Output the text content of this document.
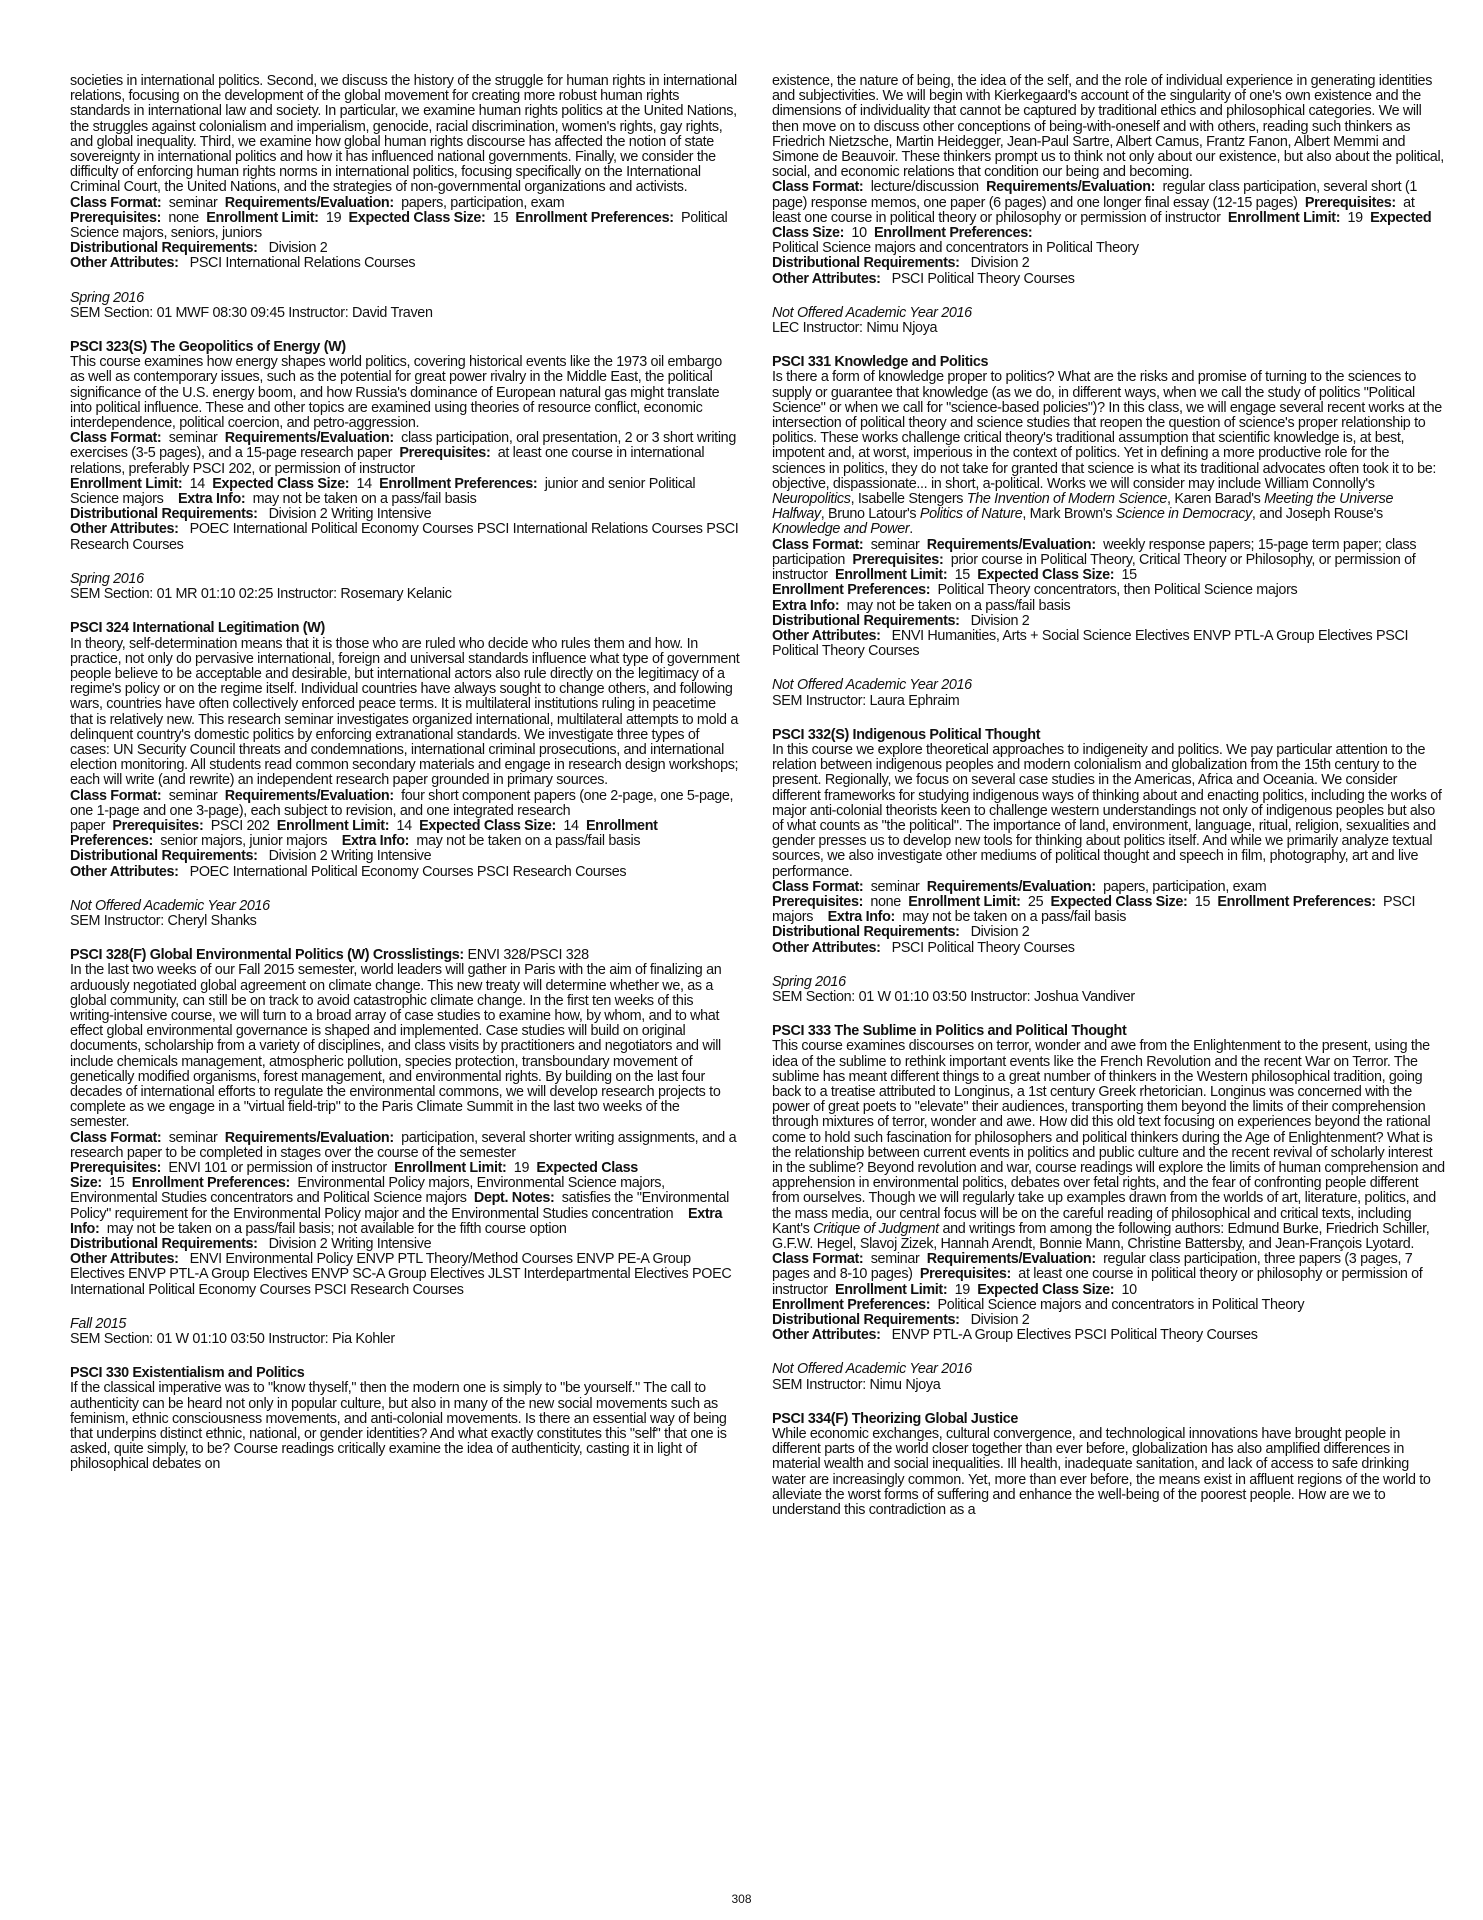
societies in international politics. Second, we discuss the history of the struggle for human rights in international relations, focusing on the development of the global movement for creating more robust human rights standards in international law and society. In particular, we examine human rights politics at the United Nations, the struggles against colonialism and imperialism, genocide, racial discrimination, women's rights, gay rights, and global inequality. Third, we examine how global human rights discourse has affected the notion of state sovereignty in international politics and how it has influenced national governments. Finally, we consider the difficulty of enforcing human rights norms in international politics, focusing specifically on the International Criminal Court, the United Nations, and the strategies of non-governmental organizations and activists.

Class Format: seminar Requirements/Evaluation: papers, participation, exam
Prerequisites: none Enrollment Limit: 19 Expected Class Size: 15 Enrollment Preferences: Political Science majors, seniors, juniors
Distributional Requirements: Division 2
Other Attributes: PSCI International Relations Courses

Spring 2016

SEM Section: 01 MWF 08:30 09:45 Instructor: David Traven

PSCI 323(S) The Geopolitics of Energy (W)

This course examines how energy shapes world politics, covering historical events like the 1973 oil embargo as well as contemporary issues, such as the potential for great power rivalry in the Middle East, the political significance of the U.S. energy boom, and how Russia's dominance of European natural gas might translate into political influence. These and other topics are examined using theories of resource conflict, economic interdependence, political coercion, and petro-aggression.

Class Format: seminar Requirements/Evaluation: class participation, oral presentation, 2 or 3 short writing exercises (3-5 pages), and a 15-page research paper Prerequisites: at least one course in international relations, preferably PSCI 202, or permission of instructor
Enrollment Limit: 14 Expected Class Size: 14 Enrollment Preferences: junior and senior Political Science majors Extra Info: may not be taken on a pass/fail basis
Distributional Requirements: Division 2 Writing Intensive
Other Attributes: POEC International Political Economy Courses PSCI International Relations Courses PSCI Research Courses

Spring 2016

SEM Section: 01 MR 01:10 02:25 Instructor: Rosemary Kelanic

PSCI 324 International Legitimation (W)

In theory, self-determination means that it is those who are ruled who decide who rules them and how. In practice, not only do pervasive international, foreign and universal standards influence what type of government people believe to be acceptable and desirable, but international actors also rule directly on the legitimacy of a regime's policy or on the regime itself. Individual countries have always sought to change others, and following wars, countries have often collectively enforced peace terms. It is multilateral institutions ruling in peacetime that is relatively new. This research seminar investigates organized international, multilateral attempts to mold a delinquent country's domestic politics by enforcing extranational standards. We investigate three types of cases: UN Security Council threats and condemnations, international criminal prosecutions, and international election monitoring. All students read common secondary materials and engage in research design workshops; each will write (and rewrite) an independent research paper grounded in primary sources.

Class Format: seminar Requirements/Evaluation: four short component papers (one 2-page, one 5-page, one 1-page and one 3-page), each subject to revision, and one integrated research paper Prerequisites: PSCI 202 Enrollment Limit: 14 Expected Class Size: 14 Enrollment Preferences: senior majors, junior majors Extra Info: may not be taken on a pass/fail basis
Distributional Requirements: Division 2 Writing Intensive
Other Attributes: POEC International Political Economy Courses PSCI Research Courses

Not Offered Academic Year 2016

SEM Instructor: Cheryl Shanks

PSCI 328(F) Global Environmental Politics (W) Crosslistings: ENVI 328/PSCI 328

In the last two weeks of our Fall 2015 semester, world leaders will gather in Paris with the aim of finalizing an arduously negotiated global agreement on climate change. This new treaty will determine whether we, as a global community, can still be on track to avoid catastrophic climate change. In the first ten weeks of this writing-intensive course, we will turn to a broad array of case studies to examine how, by whom, and to what effect global environmental governance is shaped and implemented. Case studies will build on original documents, scholarship from a variety of disciplines, and class visits by practitioners and negotiators and will include chemicals management, atmospheric pollution, species protection, transboundary movement of genetically modified organisms, forest management, and environmental rights. By building on the last four decades of international efforts to regulate the environmental commons, we will develop research projects to complete as we engage in a "virtual field-trip" to the Paris Climate Summit in the last two weeks of the semester.

Class Format: seminar Requirements/Evaluation: participation, several shorter writing assignments, and a research paper to be completed in stages over the course of the semester
Prerequisites: ENVI 101 or permission of instructor Enrollment Limit: 19 Expected Class Size: 15 Enrollment Preferences: Environmental Policy majors, Environmental Science majors, Environmental Studies concentrators and Political Science majors Dept. Notes: satisfies the "Environmental Policy" requirement for the Environmental Policy major and the Environmental Studies concentration Extra Info: may not be taken on a pass/fail basis; not available for the fifth course option
Distributional Requirements: Division 2 Writing Intensive
Other Attributes: ENVI Environmental Policy ENVP PTL Theory/Method Courses ENVP PE-A Group Electives ENVP PTL-A Group Electives ENVP SC-A Group Electives JLST Interdepartmental Electives POEC International Political Economy Courses PSCI Research Courses

Fall 2015

SEM Section: 01 W 01:10 03:50 Instructor: Pia Kohler

PSCI 330 Existentialism and Politics

If the classical imperative was to "know thyself," then the modern one is simply to "be yourself." The call to authenticity can be heard not only in popular culture, but also in many of the new social movements such as feminism, ethnic consciousness movements, and anti-colonial movements. Is there an essential way of being that underpins distinct ethnic, national, or gender identities? And what exactly constitutes this "self" that one is asked, quite simply, to be? Course readings critically examine the idea of authenticity, casting it in light of philosophical debates on

existence, the nature of being, the idea of the self, and the role of individual experience in generating identities and subjectivities. We will begin with Kierkegaard's account of the singularity of one's own existence and the dimensions of individuality that cannot be captured by traditional ethics and philosophical categories. We will then move on to discuss other conceptions of being-with-oneself and with others, reading such thinkers as Friedrich Nietzsche, Martin Heidegger, Jean-Paul Sartre, Albert Camus, Frantz Fanon, Albert Memmi and Simone de Beauvoir. These thinkers prompt us to think not only about our existence, but also about the political, social, and economic relations that condition our being and becoming.

Class Format: lecture/discussion Requirements/Evaluation: regular class participation, several short (1 page) response memos, one paper (6 pages) and one longer final essay (12-15 pages) Prerequisites: at least one course in political theory or philosophy or permission of instructor Enrollment Limit: 19 Expected Class Size: 10 Enrollment Preferences:
Political Science majors and concentrators in Political Theory
Distributional Requirements: Division 2
Other Attributes: PSCI Political Theory Courses

Not Offered Academic Year 2016

LEC Instructor: Nimu Njoya

PSCI 331 Knowledge and Politics

Is there a form of knowledge proper to politics? What are the risks and promise of turning to the sciences to supply or guarantee that knowledge (as we do, in different ways, when we call the study of politics "Political Science" or when we call for "science-based policies")? In this class, we will engage several recent works at the intersection of political theory and science studies that reopen the question of science's proper relationship to politics. These works challenge critical theory's traditional assumption that scientific knowledge is, at best, impotent and, at worst, imperious in the context of politics. Yet in defining a more productive role for the sciences in politics, they do not take for granted that science is what its traditional advocates often took it to be: objective, dispassionate... in short, a-political. Works we will consider may include William Connolly's Neuropolitics, Isabelle Stengers The Invention of Modern Science, Karen Barad's Meeting the Universe Halfway, Bruno Latour's Politics of Nature, Mark Brown's Science in Democracy, and Joseph Rouse's Knowledge and Power.

Class Format: seminar Requirements/Evaluation: weekly response papers; 15-page term paper; class participation Prerequisites: prior course in Political Theory, Critical Theory or Philosophy, or permission of instructor Enrollment Limit: 15 Expected Class Size: 15
Enrollment Preferences: Political Theory concentrators, then Political Science majors
Extra Info: may not be taken on a pass/fail basis
Distributional Requirements: Division 2
Other Attributes: ENVI Humanities, Arts + Social Science Electives ENVP PTL-A Group Electives PSCI Political Theory Courses

Not Offered Academic Year 2016

SEM Instructor: Laura Ephraim

PSCI 332(S) Indigenous Political Thought

In this course we explore theoretical approaches to indigeneity and politics. We pay particular attention to the relation between indigenous peoples and modern colonialism and globalization from the 15th century to the present. Regionally, we focus on several case studies in the Americas, Africa and Oceania. We consider different frameworks for studying indigenous ways of thinking about and enacting politics, including the works of major anti-colonial theorists keen to challenge western understandings not only of indigenous peoples but also of what counts as "the political". The importance of land, environment, language, ritual, religion, sexualities and gender presses us to develop new tools for thinking about politics itself. And while we primarily analyze textual sources, we also investigate other mediums of political thought and speech in film, photography, art and live performance.

Class Format: seminar Requirements/Evaluation: papers, participation, exam
Prerequisites: none Enrollment Limit: 25 Expected Class Size: 15 Enrollment Preferences: PSCI majors Extra Info: may not be taken on a pass/fail basis
Distributional Requirements: Division 2
Other Attributes: PSCI Political Theory Courses

Spring 2016

SEM Section: 01 W 01:10 03:50 Instructor: Joshua Vandiver

PSCI 333 The Sublime in Politics and Political Thought

This course examines discourses on terror, wonder and awe from the Enlightenment to the present, using the idea of the sublime to rethink important events like the French Revolution and the recent War on Terror. The sublime has meant different things to a great number of thinkers in the Western philosophical tradition, going back to a treatise attributed to Longinus, a 1st century Greek rhetorician. Longinus was concerned with the power of great poets to "elevate" their audiences, transporting them beyond the limits of their comprehension through mixtures of terror, wonder and awe. How did this old text focusing on experiences beyond the rational come to hold such fascination for philosophers and political thinkers during the Age of Enlightenment? What is the relationship between current events in politics and public culture and the recent revival of scholarly interest in the sublime? Beyond revolution and war, course readings will explore the limits of human comprehension and apprehension in environmental politics, debates over fetal rights, and the fear of confronting people different from ourselves. Though we will regularly take up examples drawn from the worlds of art, literature, politics, and the mass media, our central focus will be on the careful reading of philosophical and critical texts, including Kant's Critique of Judgment and writings from among the following authors: Edmund Burke, Friedrich Schiller, G.F.W. Hegel, Slavoj Zizek, Hannah Arendt, Bonnie Mann, Christine Battersby, and Jean-François Lyotard.

Class Format: seminar Requirements/Evaluation: regular class participation, three papers (3 pages, 7 pages and 8-10 pages) Prerequisites: at least one course in political theory or philosophy or permission of instructor Enrollment Limit: 19 Expected Class Size: 10
Enrollment Preferences: Political Science majors and concentrators in Political Theory
Distributional Requirements: Division 2
Other Attributes: ENVP PTL-A Group Electives PSCI Political Theory Courses

Not Offered Academic Year 2016

SEM Instructor: Nimu Njoya

PSCI 334(F) Theorizing Global Justice

While economic exchanges, cultural convergence, and technological innovations have brought people in different parts of the world closer together than ever before, globalization has also amplified differences in material wealth and social inequalities. Ill health, inadequate sanitation, and lack of access to safe drinking water are increasingly common. Yet, more than ever before, the means exist in affluent regions of the world to alleviate the worst forms of suffering and enhance the well-being of the poorest people. How are we to understand this contradiction as a

308
